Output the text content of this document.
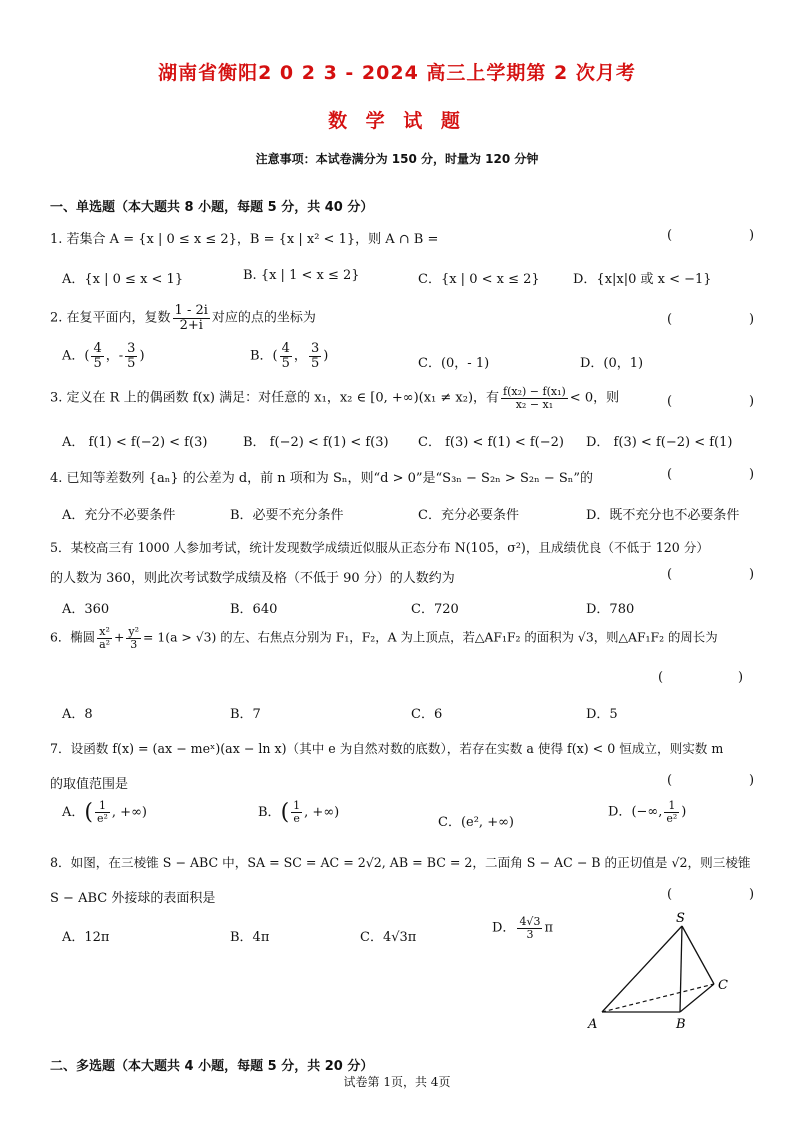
湖南省衡阳2 0 2 3 - 2024 高三上学期第 2 次月考
数 学 试 题
注意事项：本试卷满分为 150 分，时量为 120 分钟
一、单选题（本大题共 8 小题，每题 5 分，共 40 分）
1. 若集合 A = {x | 0 ≤ x ≤ 2}，B = {x | x² < 1}，则 A ∩ B =	(	)
A．{x | 0 ≤ x < 1}	B. {x | 1 < x ≤ 2}	C．{x | 0 < x ≤ 2}	D．{x|x|0 或 x < −1}
2. 在复平面内，复数 $\frac{1 - 2i}{2+i}$ 对应的点的坐标为	(	)
A．( $\frac{4}{5}$ ，- $\frac{3}{5}$ )	B．( $\frac{4}{5}$ ， $\frac{3}{5}$ )	C．(0，- 1)	D．(0，1)
3. 定义在 R 上的偶函数 f(x) 满足：对任意的 x₁，x₂ ∈ [0, +∞)(x₁ ≠ x₂)，有 $\frac{\text{f(x₂) − f(x₁)}}{\text{x₂ − x₁}} < 0$，则	(	)
A． f(1) < f(−2) < f(3)	B． f(−2) < f(1) < f(3) C． f(3) < f(1) < f(−2) D． f(3) < f(−2) < f(1)
4. 已知等差数列 {aₙ} 的公差为 d，前 n 项和为 Sₙ，则“d > 0”是“S₃ₙ − S₂ₙ > S₂ₙ − Sₙ”的	(	)
A．充分不必要条件	B．必要不充分条件	C．充分必要条件	D．既不充分也不必要条件
5．某校高三有 1000 人参加考试，统计发现数学成绩近似服从正态分布 N(105，σ²)，且成绩优良（不低于 120 分）
的人数为 360，则此次考试数学成绩及格（不低于 90 分）的人数约为	(	)
A．360	B．640	C．720	D．780
6．椭圆 $\frac{\text{x²}}{\text{a²}} + \frac{\text{y²}}{3} = 1(a > √3)$ 的左、右焦点分别为 F₁，F₂，A 为上顶点，若△AF₁F₂ 的面积为 √3，则△AF₁F₂ 的周长为
(	)
A．8	B．7	C．6	D．5
7．设函数 f(x) = (ax − meˣ)(ax − ln x)（其中 e 为自然对数的底数），若存在实数 a 使得 f(x) < 0 恒成立，则实数 m
的取值范围是	(	)
A．( $\frac{1}{\text{e²}}$ , +∞)	B．( $\frac{1}{e}$ , +∞)
C．(e², +∞)
D．(−∞, $\frac{1}{\text{e²}}$ )
8．如图，在三棱锥 S − ABC 中，SA = SC = AC = 2√2, AB = BC = 2，二面角 S − AC − B 的正切值是 √2，则三棱锥
S − ABC 外接球的表面积是	(	)
A．12π	B．4π	C．4√3π
D． $\frac{4√3}{3}$ π
S
A	B
C
二、多选题（本大题共 4 小题，每题 5 分，共 20 分）
试卷第 1页，共 4页
